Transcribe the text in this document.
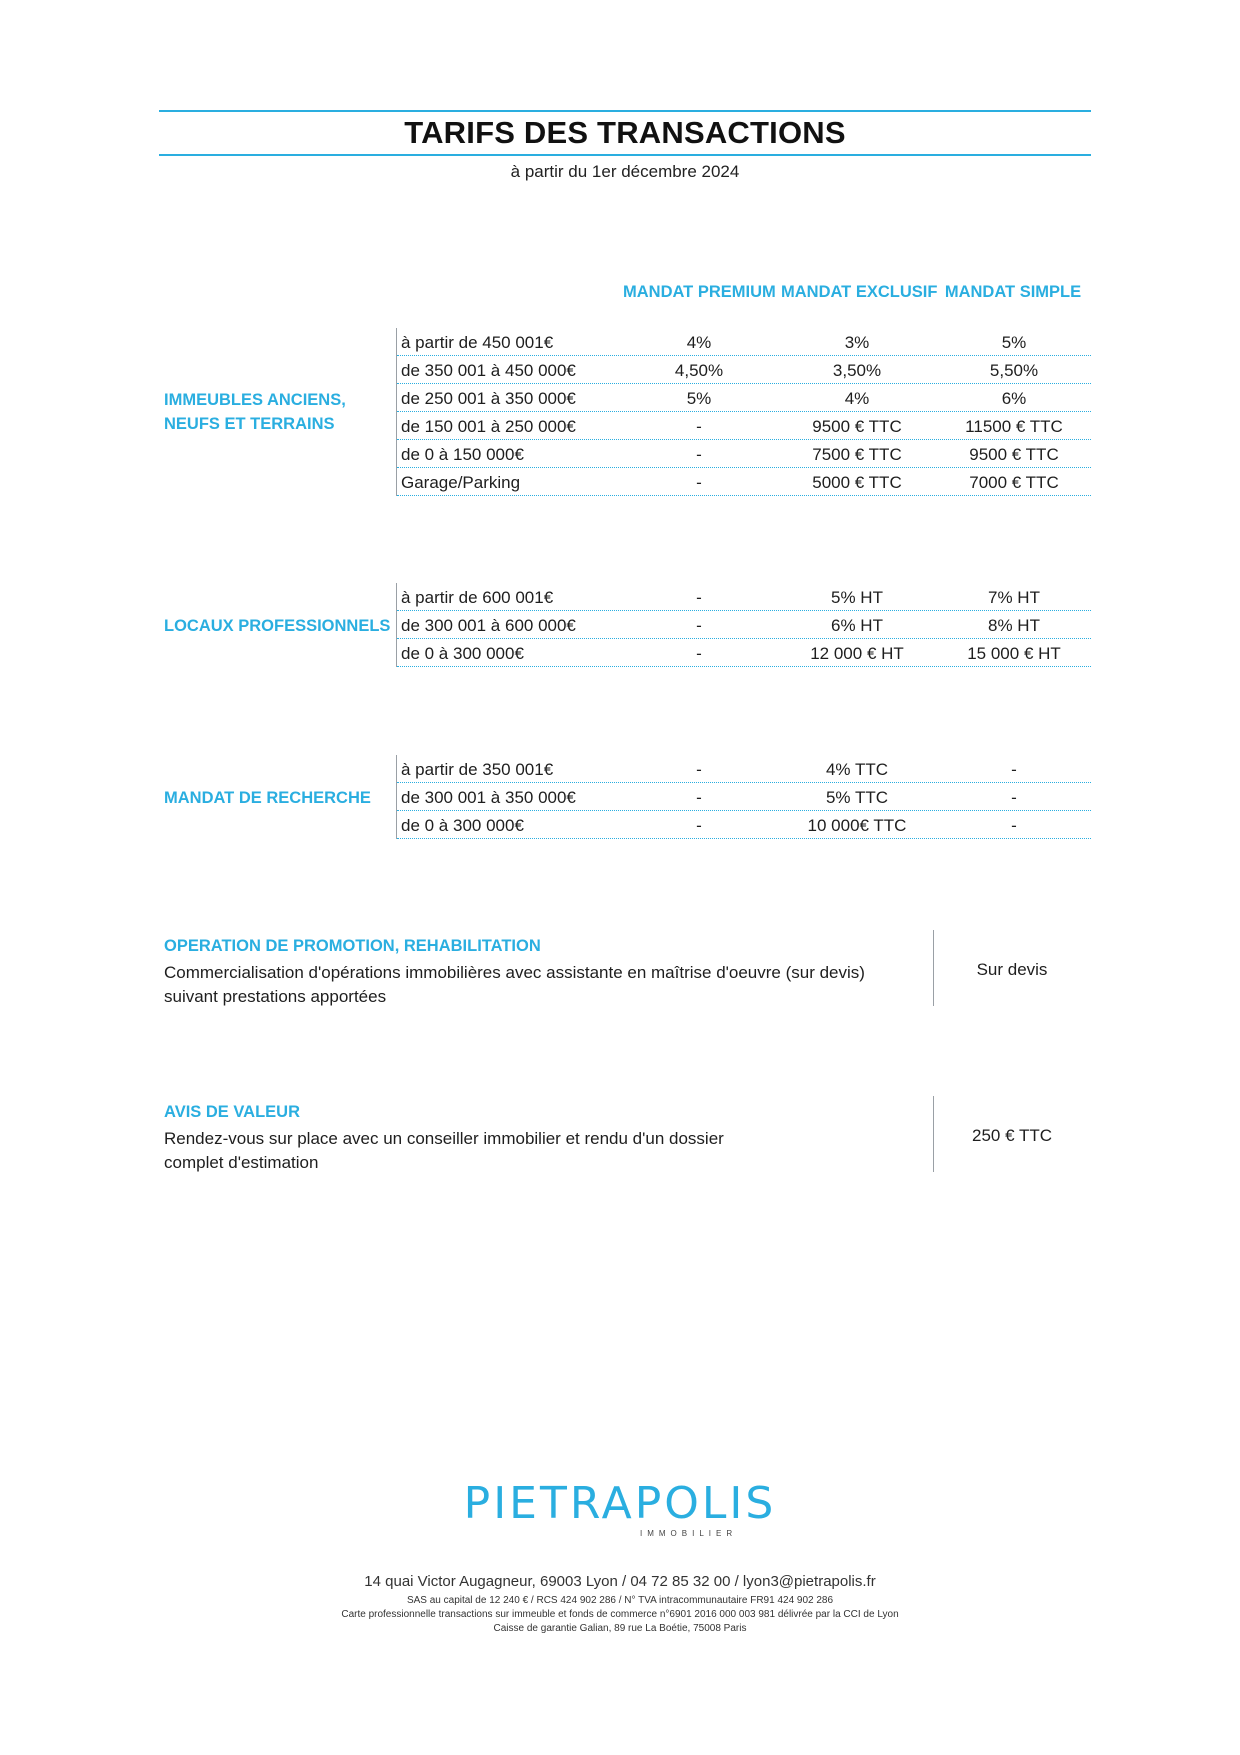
TARIFS DES TRANSACTIONS
à partir du 1er décembre 2024
MANDAT PREMIUM MANDAT EXCLUSIF MANDAT SIMPLE
IMMEUBLES ANCIENS,
NEUFS ET TERRAINS
à partir de 450 001€	4%	3%	5%
de 350 001 à 450 000€	4,50%	3,50%	5,50%
de 250 001 à 350 000€	5%	4%	6%
de 150 001 à 250 000€	-	9500 € TTC	11500 € TTC
de 0 à 150 000€	-	7500 € TTC	9500 € TTC
Garage/Parking	-	5000 € TTC	7000 € TTC
LOCAUX PROFESSIONNELS
à partir de 600 001€	-	5% HT	7% HT
de 300 001 à 600 000€	-	6% HT	8% HT
de 0 à 300 000€	-	12 000 € HT	15 000 € HT
MANDAT DE RECHERCHE
à partir de 350 001€	-	4% TTC	-
de 300 001 à 350 000€	-	5% TTC	-
de 0 à 300 000€	-	10 000€ TTC	-
OPERATION DE PROMOTION, REHABILITATION
Commercialisation d'opérations immobilières avec assistante en maîtrise d'oeuvre (sur devis)
suivant prestations apportées
Sur devis
AVIS DE VALEUR
Rendez-vous sur place avec un conseiller immobilier et rendu d'un dossier
complet d'estimation
250 € TTC
PIETRAPOLIS
IMMOBILIER
14 quai Victor Augagneur, 69003 Lyon / 04 72 85 32 00 / lyon3@pietrapolis.fr
SAS au capital de 12 240 € / RCS 424 902 286 / N° TVA intracommunautaire FR91 424 902 286
Carte professionnelle transactions sur immeuble et fonds de commerce n°6901 2016 000 003 981 délivrée par la CCI de Lyon
Caisse de garantie Galian, 89 rue La Boétie, 75008 Paris
